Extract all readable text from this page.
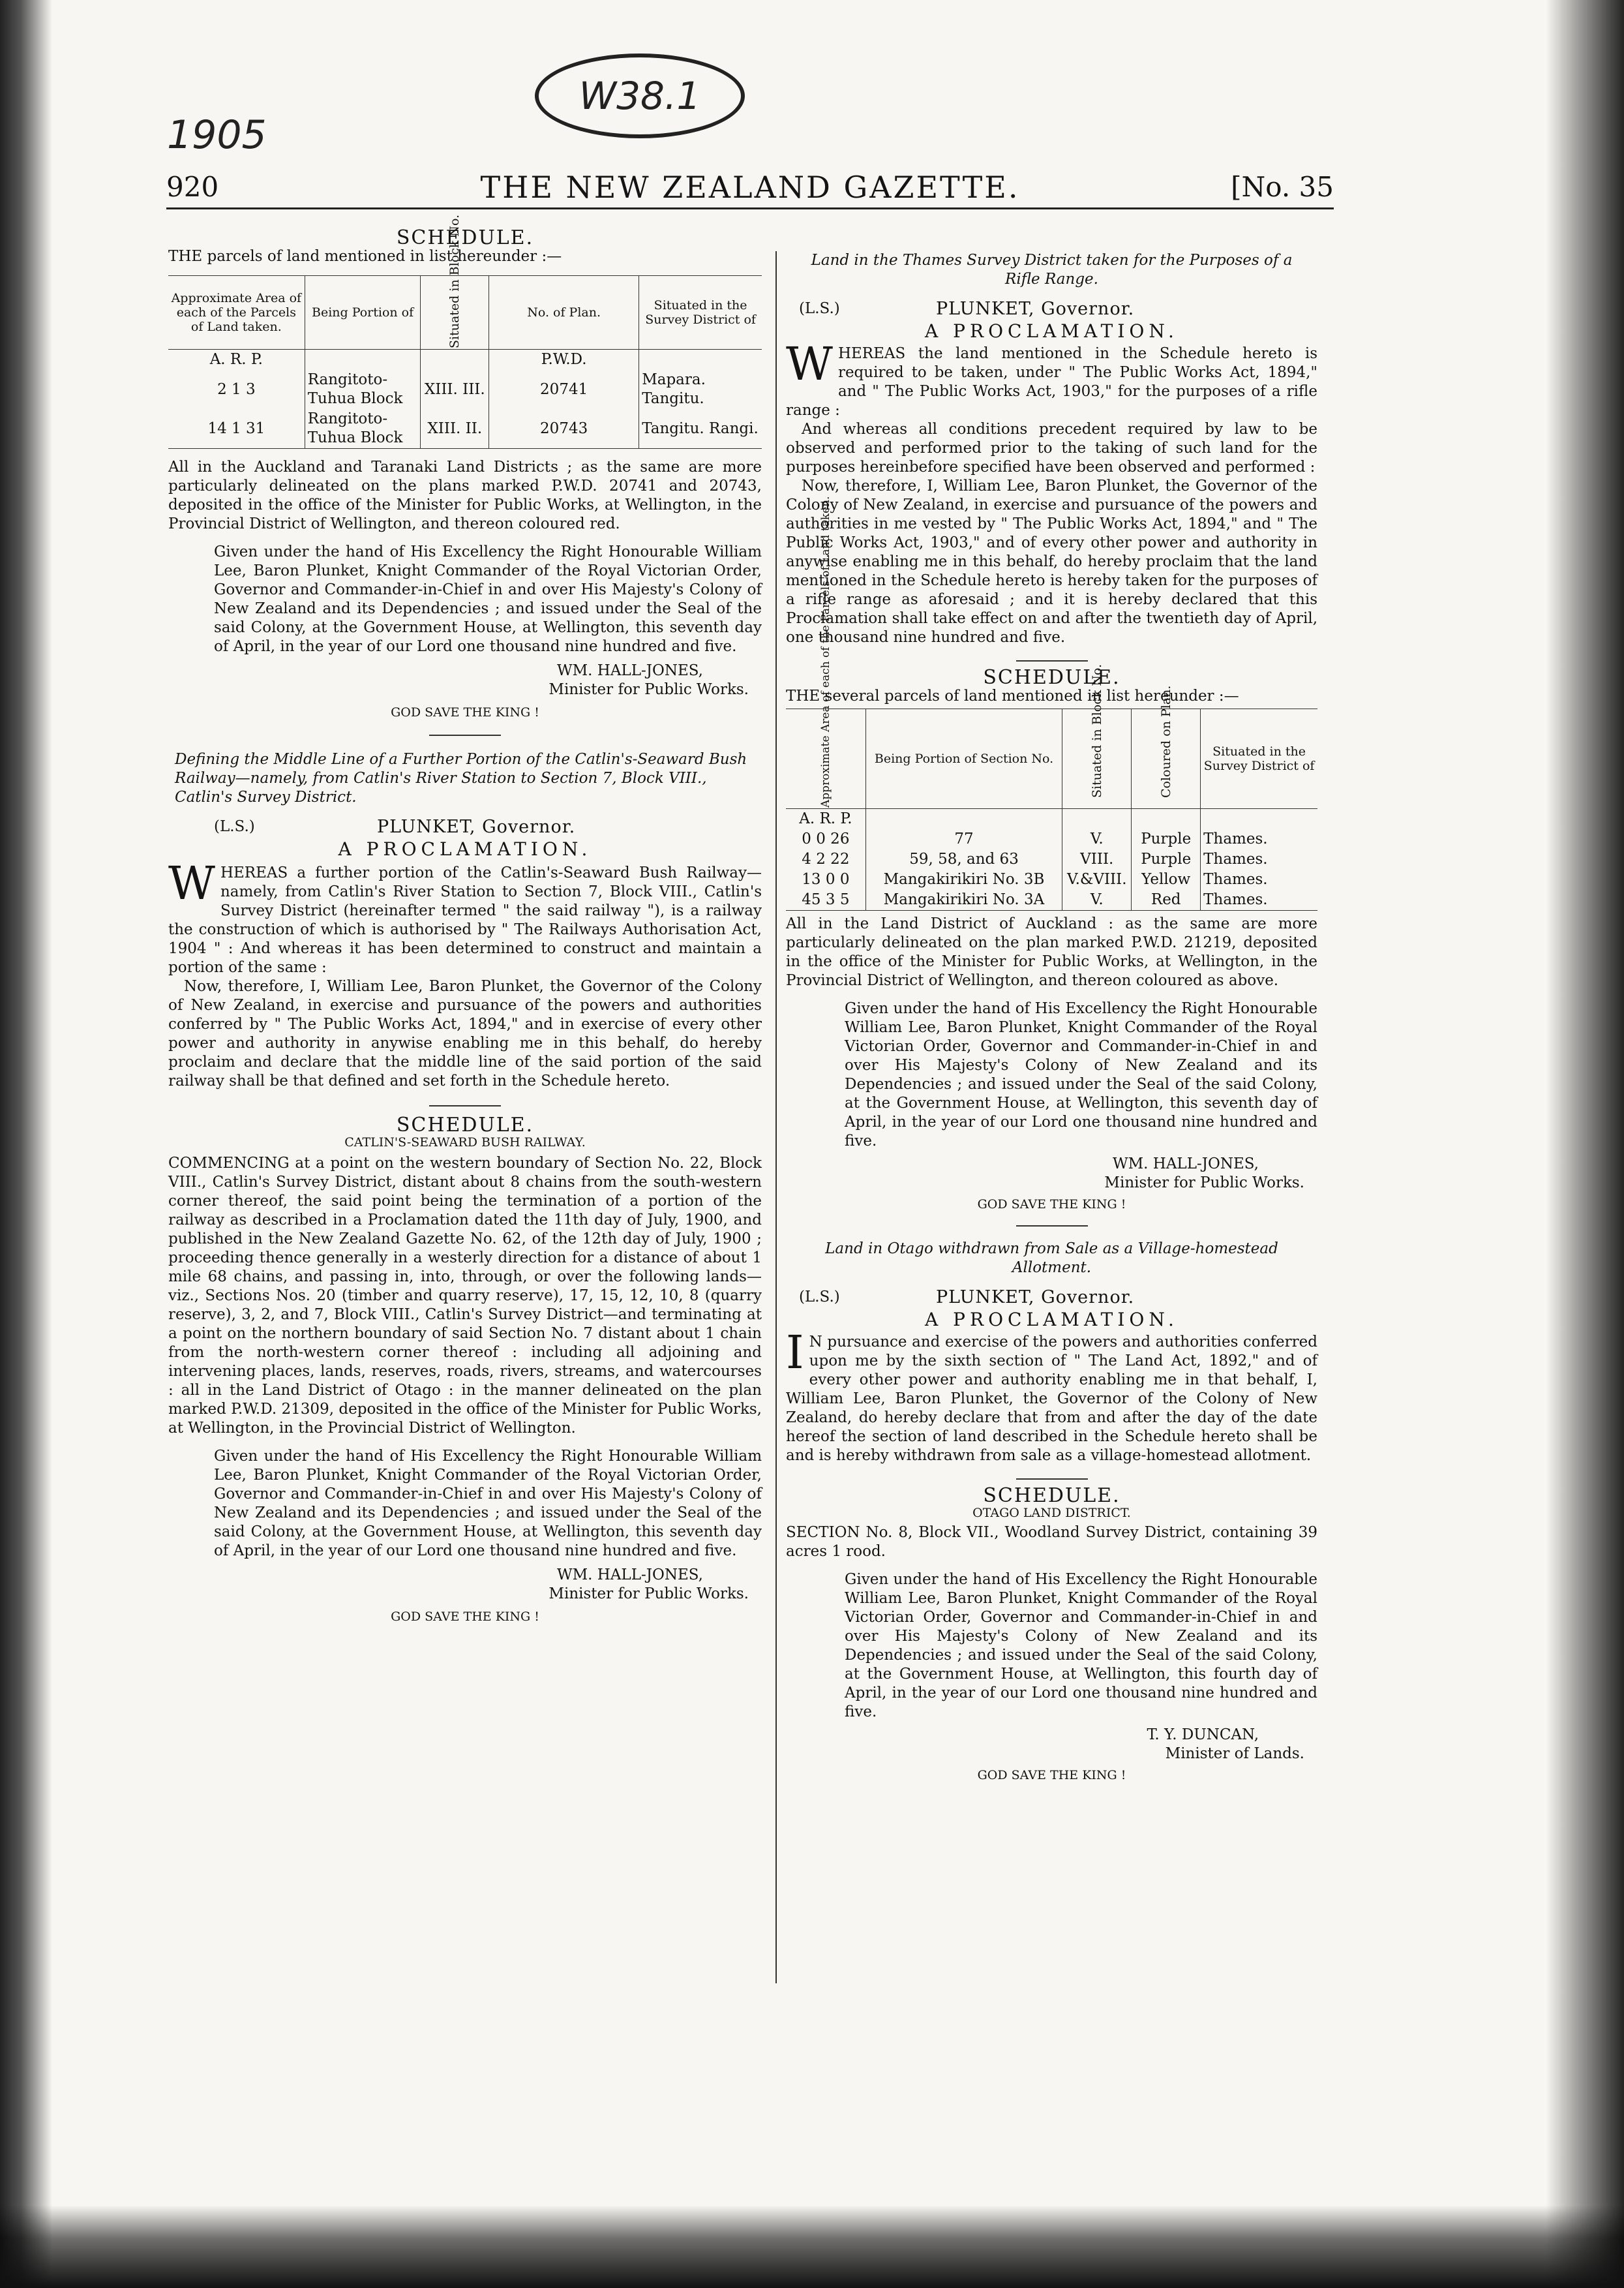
W38.1
1905
920	THE NEW ZEALAND GAZETTE.	[No. 35
SCHEDULE.

THE parcels of land mentioned in list hereunder :—

Approximate Area of each of the Parcels of Land taken.	Being Portion of	Situated in Block No.	No. of Plan.	Situated in the Survey District of
A. R. P.			P.W.D.	
2 1 3	Rangitoto-Tuhua Block	XIII. III.	20741	Mapara. Tangitu.
14 1 31	Rangitoto-Tuhua Block	XIII. II.	20743	Tangitu. Rangi.

All in the Auckland and Taranaki Land Districts ; as the same are more particularly delineated on the plans marked P.W.D. 20741 and 20743, deposited in the office of the Minister for Public Works, at Wellington, in the Provincial District of Wellington, and thereon coloured red.

Given under the hand of His Excellency the Right Honourable William Lee, Baron Plunket, Knight Commander of the Royal Victorian Order, Governor and Commander-in-Chief in and over His Majesty's Colony of New Zealand and its Dependencies ; and issued under the Seal of the said Colony, at the Government House, at Wellington, this seventh day of April, in the year of our Lord one thousand nine hundred and five.

WM. HALL-JONES,
Minister for Public Works.
GOD SAVE THE KING !

Defining the Middle Line of a Further Portion of the Catlin's-Seaward Bush Railway—namely, from Catlin's River Station to Section 7, Block VIII., Catlin's Survey District.

(L.S.)	PLUNKET, Governor.
A PROCLAMATION.

WHEREAS a further portion of the Catlin's-Seaward Bush Railway—namely, from Catlin's River Station to Section 7, Block VIII., Catlin's Survey District (hereinafter termed " the said railway "), is a railway the construction of which is authorised by " The Railways Authorisation Act, 1904 " : And whereas it has been determined to construct and maintain a portion of the same :

Now, therefore, I, William Lee, Baron Plunket, the Governor of the Colony of New Zealand, in exercise and pursuance of the powers and authorities conferred by " The Public Works Act, 1894," and in exercise of every other power and authority in anywise enabling me in this behalf, do hereby proclaim and declare that the middle line of the said portion of the said railway shall be that defined and set forth in the Schedule hereto.

SCHEDULE.
CATLIN'S-SEAWARD BUSH RAILWAY.

COMMENCING at a point on the western boundary of Section No. 22, Block VIII., Catlin's Survey District, distant about 8 chains from the south-western corner thereof, the said point being the termination of a portion of the railway as described in a Proclamation dated the 11th day of July, 1900, and published in the New Zealand Gazette No. 62, of the 12th day of July, 1900 ; proceeding thence generally in a westerly direction for a distance of about 1 mile 68 chains, and passing in, into, through, or over the following lands—viz., Sections Nos. 20 (timber and quarry reserve), 17, 15, 12, 10, 8 (quarry reserve), 3, 2, and 7, Block VIII., Catlin's Survey District—and terminating at a point on the northern boundary of said Section No. 7 distant about 1 chain from the north-western corner thereof : including all adjoining and intervening places, lands, reserves, roads, rivers, streams, and watercourses : all in the Land District of Otago : in the manner delineated on the plan marked P.W.D. 21309, deposited in the office of the Minister for Public Works, at Wellington, in the Provincial District of Wellington.

Given under the hand of His Excellency the Right Honourable William Lee, Baron Plunket, Knight Commander of the Royal Victorian Order, Governor and Commander-in-Chief in and over His Majesty's Colony of New Zealand and its Dependencies ; and issued under the Seal of the said Colony, at the Government House, at Wellington, this seventh day of April, in the year of our Lord one thousand nine hundred and five.

WM. HALL-JONES,
Minister for Public Works.
GOD SAVE THE KING !

Land in the Thames Survey District taken for the Purposes of a Rifle Range.

(L.S.)	PLUNKET, Governor.
A PROCLAMATION.

WHEREAS the land mentioned in the Schedule hereto is required to be taken, under " The Public Works Act, 1894," and " The Public Works Act, 1903," for the purposes of a rifle range :

And whereas all conditions precedent required by law to be observed and performed prior to the taking of such land for the purposes hereinbefore specified have been observed and performed :

Now, therefore, I, William Lee, Baron Plunket, the Governor of the Colony of New Zealand, in exercise and pursuance of the powers and authorities in me vested by " The Public Works Act, 1894," and " The Public Works Act, 1903," and of every other power and authority in anywise enabling me in this behalf, do hereby proclaim that the land mentioned in the Schedule hereto is hereby taken for the purposes of a rifle range as aforesaid ; and it is hereby declared that this Proclamation shall take effect on and after the twentieth day of April, one thousand nine hundred and five.

SCHEDULE.

THE several parcels of land mentioned in list hereunder :—

Approximate Area of each of the Parcels of Land taken.	Being Portion of Section No.	Situated in Block No.	Coloured on Plan.	Situated in the Survey District of
A. R. P.				
0 0 26	77	V.	Purple	Thames.
4 2 22	59, 58, and 63	VIII.	Purple	Thames.
13 0 0	Mangakirikiri No. 3B	V.&VIII.	Yellow	Thames.
45 3 5	Mangakirikiri No. 3A	V.	Red	Thames.

All in the Land District of Auckland : as the same are more particularly delineated on the plan marked P.W.D. 21219, deposited in the office of the Minister for Public Works, at Wellington, in the Provincial District of Wellington, and thereon coloured as above.

Given under the hand of His Excellency the Right Honourable William Lee, Baron Plunket, Knight Commander of the Royal Victorian Order, Governor and Commander-in-Chief in and over His Majesty's Colony of New Zealand and its Dependencies ; and issued under the Seal of the said Colony, at the Government House, at Wellington, this seventh day of April, in the year of our Lord one thousand nine hundred and five.

WM. HALL-JONES,
Minister for Public Works.
GOD SAVE THE KING !

Land in Otago withdrawn from Sale as a Village-homestead Allotment.

(L.S.)	PLUNKET, Governor.
A PROCLAMATION.

I N pursuance and exercise of the powers and authorities conferred upon me by the sixth section of " The Land Act, 1892," and of every other power and authority enabling me in that behalf, I, William Lee, Baron Plunket, the Governor of the Colony of New Zealand, do hereby declare that from and after the day of the date hereof the section of land described in the Schedule hereto shall be and is hereby withdrawn from sale as a village-homestead allotment.

SCHEDULE.
OTAGO LAND DISTRICT.

SECTION No. 8, Block VII., Woodland Survey District, containing 39 acres 1 rood.

Given under the hand of His Excellency the Right Honourable William Lee, Baron Plunket, Knight Commander of the Royal Victorian Order, Governor and Commander-in-Chief in and over His Majesty's Colony of New Zealand and its Dependencies ; and issued under the Seal of the said Colony, at the Government House, at Wellington, this fourth day of April, in the year of our Lord one thousand nine hundred and five.

T. Y. DUNCAN,
Minister of Lands.
GOD SAVE THE KING !
